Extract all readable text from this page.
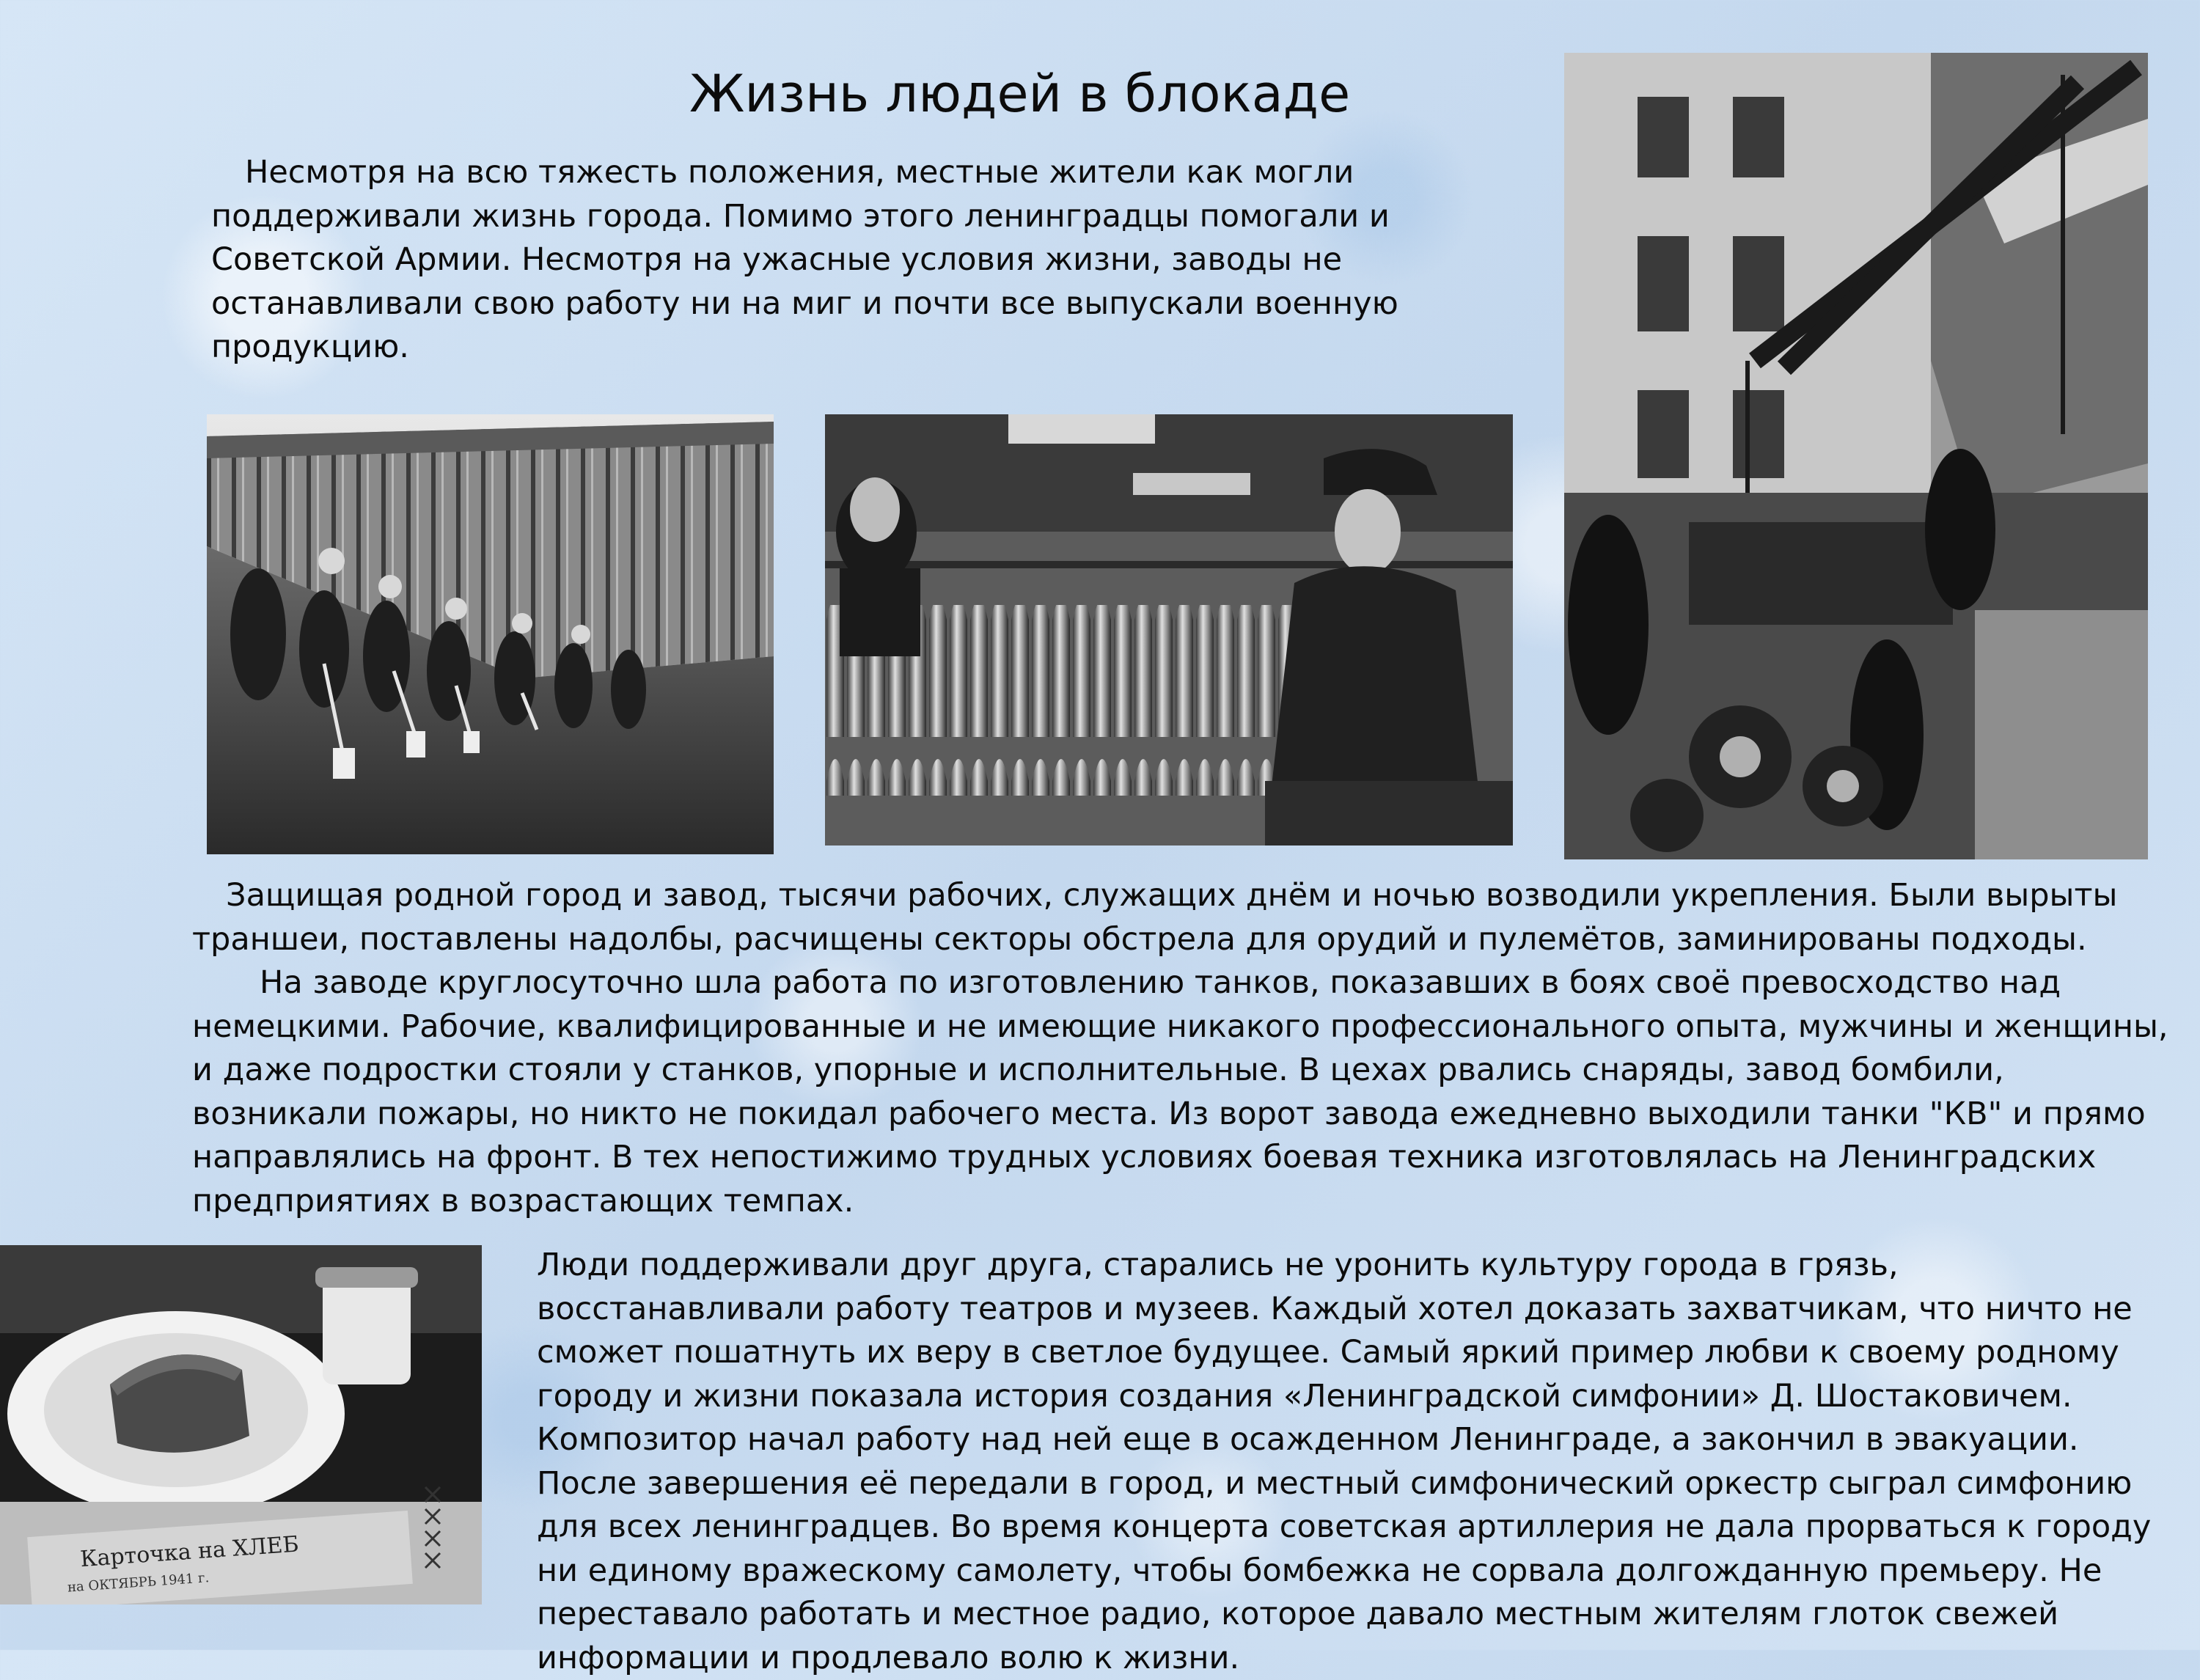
Жизнь людей в блокаде

Несмотря на всю тяжесть положения, местные жители как могли поддерживали жизнь города. Помимо этого ленинградцы помогали и Советской Армии. Несмотря на ужасные условия жизни, заводы не останавливали свою работу ни на миг и почти все выпускали военную продукцию.

Защищая родной город и завод, тысячи рабочих, служащих днём и ночью возводили укрепления. Были вырыты траншеи, поставлены надолбы, расчищены секторы обстрела для орудий и пулемётов, заминированы подходы.
На заводе круглосуточно шла работа по изготовлению танков, показавших в боях своё превосходство над немецкими. Рабочие, квалифицированные и не имеющие никакого профессионального опыта, мужчины и женщины, и даже подростки стояли у станков, упорные и исполнительные. В цехах рвались снаряды, завод бомбили, возникали пожары, но никто не покидал рабочего места. Из ворот завода ежедневно выходили танки "КВ" и прямо направлялись на фронт. В тех непостижимо трудных условиях боевая техника изготовлялась на Ленинградских предприятиях в возрастающих темпах.
Карточка на ХЛЕБ
на ОКТЯБРЬ 1941 г.

Люди поддерживали друг друга, старались не уронить культуру города в грязь, восстанавливали работу театров и музеев. Каждый хотел доказать захватчикам, что ничто не сможет пошатнуть их веру в светлое будущее. Самый яркий пример любви к своему родному городу и жизни показала история создания «Ленинградской симфонии» Д. Шостаковичем. Композитор начал работу над ней еще в осажденном Ленинграде, а закончил в эвакуации. После завершения её передали в город, и местный симфонический оркестр сыграл симфонию для всех ленинградцев. Во время концерта советская артиллерия не дала прорваться к городу ни единому вражескому самолету, чтобы бомбежка не сорвала долгожданную премьеру. Не переставало работать и местное радио, которое давало местным жителям глоток свежей информации и продлевало волю к жизни.
